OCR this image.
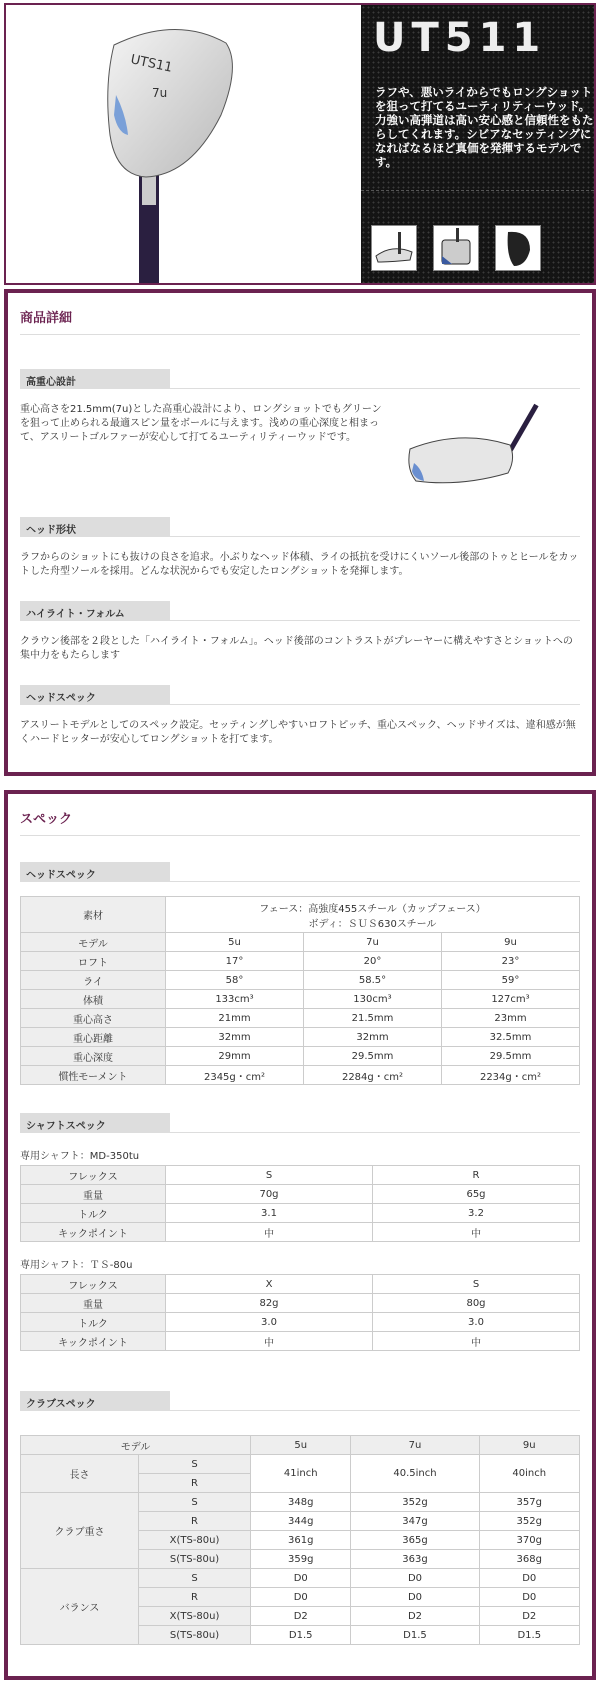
UTS11
7u
UT511
ラフや、悪いライからでもロングショットを狙って打てるユーティリティーウッド。力強い高弾道は高い安心感と信頼性をもたらしてくれます。シビアなセッティングになればなるほど真価を発揮するモデルです。
商品詳細
高重心設計
重心高さを21.5mm(7u)とした高重心設計により、ロングショットでもグリーンを狙って止められる最適スピン量をボールに与えます。浅めの重心深度と相まって、アスリートゴルファーが安心して打てるユーティリティーウッドです。
ヘッド形状
ラフからのショットにも抜けの良さを追求。小ぶりなヘッド体積、ライの抵抗を受けにくいソール後部のトゥとヒールをカットした舟型ソールを採用。どんな状況からでも安定したロングショットを発揮します。
ハイライト・フォルム
クラウン後部を２段とした「ハイライト・フォルム」。ヘッド後部のコントラストがプレーヤーに構えやすさとショットへの集中力をもたらします
ヘッドスペック
アスリートモデルとしてのスペック設定。セッティングしやすいロフトピッチ、重心スペック、ヘッドサイズは、違和感が無くハードヒッターが安心してロングショットを打てます。
スペック
ヘッドスペック
素材	フェース：高強度455スチール（カップフェース）
ボディ：ＳＵＳ630スチール		

モデル	5u	7u	9u
ロフト	17°	20°	23°
ライ	58°	58.5°	59°
体積	133cm³	130cm³	127cm³
重心高さ	21mm	21.5mm	23mm
重心距離	32mm	32mm	32.5mm
重心深度	29mm	29.5mm	29.5mm
慣性モーメント	2345g・cm²	2284g・cm²	2234g・cm²
シャフトスペック
専用シャフト：MD-350tu
フレックス	S	R
重量	70g	65g
トルク	3.1	3.2
キックポイント	中	中
専用シャフト：ＴＳ-80u
フレックス	X	S
重量	82g	80g
トルク	3.0	3.0
キックポイント	中	中
クラブスペック
モデル		5u	7u	9u
長さ	S	41inch	40.5inch	40inch
	R			
クラブ重さ	S	348g	352g	357g
	R	344g	347g	352g
	X(TS-80u)	361g	365g	370g
	S(TS-80u)	359g	363g	368g
バランス	S	D0	D0	D0
	R	D0	D0	D0
	X(TS-80u)	D2	D2	D2
	S(TS-80u)	D1.5	D1.5	D1.5
